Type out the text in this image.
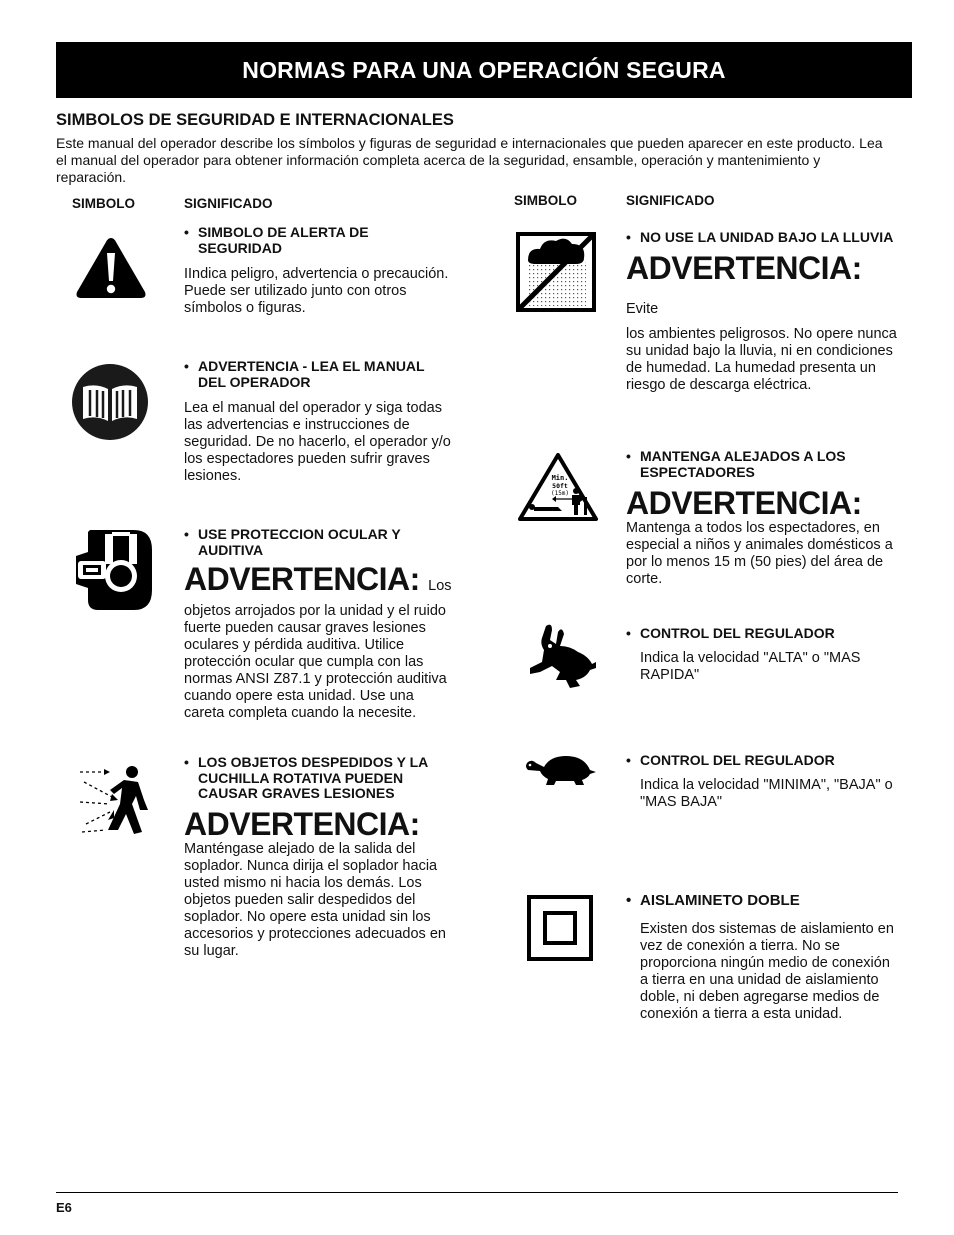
NORMAS PARA UNA OPERACIÓN SEGURA
SIMBOLOS DE SEGURIDAD E INTERNACIONALES
Este manual del operador describe los símbolos y figuras de seguridad e internacionales que pueden aparecer en este producto. Lea el manual del operador para obtener información completa acerca de la seguridad, ensamble, operación y mantenimiento y reparación.
SIMBOLO	SIGNIFICADO	SIMBOLO	SIGNIFICADO
• SIMBOLO DE ALERTA DE SEGURIDAD
IIndica peligro, advertencia o precaución. Puede ser utilizado junto con otros símbolos o figuras.
• ADVERTENCIA - LEA EL MANUAL DEL OPERADOR
Lea el manual del operador y siga todas las advertencias e instrucciones de seguridad. De no hacerlo, el operador y/o los espectadores pueden sufrir graves lesiones.
• USE PROTECCION OCULAR Y AUDITIVA
ADVERTENCIA: Los
objetos arrojados por la unidad y el ruido fuerte pueden causar graves lesiones oculares y pérdida auditiva. Utilice protección ocular que cumpla con las normas ANSI Z87.1 y protección auditiva cuando opere esta unidad. Use una careta completa cuando la necesite.
• LOS OBJETOS DESPEDIDOS Y LA CUCHILLA ROTATIVA PUEDEN CAUSAR GRAVES LESIONES
ADVERTENCIA:
Manténgase alejado de la salida del soplador. Nunca dirija el soplador hacia usted mismo ni hacia los demás. Los objetos pueden salir despedidos del soplador. No opere esta unidad sin los accesorios y protecciones adecuados en su lugar.
Min.
50ft
(15m)
• NO USE LA UNIDAD BAJO LA LLUVIA
ADVERTENCIA: Evite
los ambientes peligrosos. No opere nunca su unidad bajo la lluvia, ni en condiciones de humedad. La humedad presenta un riesgo de descarga eléctrica.
• MANTENGA ALEJADOS A LOS ESPECTADORES
ADVERTENCIA:
Mantenga a todos los espectadores, en especial a niños y animales domésticos a por lo menos 15 m (50 pies) del área de corte.
• CONTROL DEL REGULADOR
Indica la velocidad "ALTA" o "MAS RAPIDA"
• CONTROL DEL REGULADOR
Indica la velocidad "MINIMA", "BAJA" o "MAS BAJA"
• AISLAMINETO DOBLE
Existen dos sistemas de aislamiento en vez de conexión a tierra. No se proporciona ningún medio de conexión a tierra en una unidad de aislamiento doble, ni deben agregarse medios de conexión a tierra a esta unidad.
E6
